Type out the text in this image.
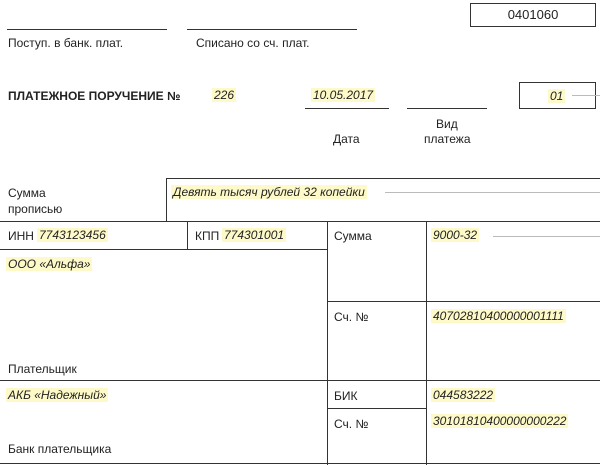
0401060
Поступ. в банк. плат.	Списано со сч. плат.
ПЛАТЕЖНОЕ ПОРУЧЕНИЕ №	226	10.05.2017
Дата
Вид
платежа
01
Сумма
прописью
Девять тысяч рублей 32 копейки
ИНН 7743123456	КПП 774301001
ООО «Альфа»
Плательщик
Сумма	9000-32
Сч. №	40702810400000001111
АКБ «Надежный»
Банк плательщика
БИК	044583222
Сч. №	30101810400000000222
